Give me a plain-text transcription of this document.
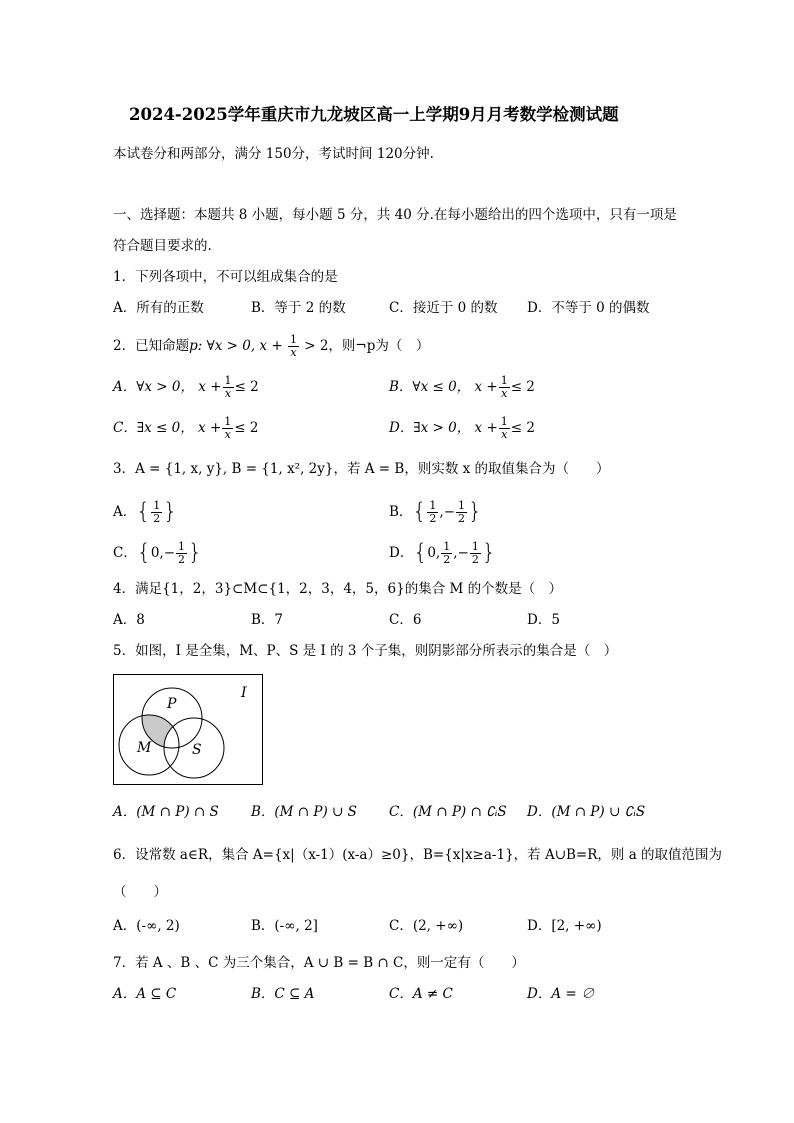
2024-2025学年重庆市九龙坡区高一上学期9月月考数学检测试题
本试卷分和两部分，满分 150分，考试时间 120分钟.
一、选择题：本题共 8 小题，每小题 5 分，共 40 分.在每小题给出的四个选项中，只有一项是
符合题目要求的.
1．下列各项中，不可以组成集合的是
A．所有的正数	B．等于 2 的数	C．接近于 0 的数 D．不等于 0 的偶数
2．已知命题p: ∀x > 0, $x + \frac{1}{x} > 2$，则¬p为（　）
A．∀x > 0， $x + \frac{1}{x} \le 2$	B．∀x ≤ 0， $x + \frac{1}{x} \le 2$
C．∃x ≤ 0， $x + \frac{1}{x} \le 2$	D．∃x > 0， $x + \frac{1}{x} \le 2$
3．A = {1, x, y}, B = {1, x², 2y}，若 A = B，则实数 x 的取值集合为（　　）
A．{ $\frac{1}{2}$ }	B．{ $\frac{1}{2}$ ,− $\frac{1}{2}$ }
C．{$0,- \frac{1}{2}$ }	D．{0, $\frac{1}{2}$ ,− $\frac{1}{2}$ }
4．满足{1，2，3}⊂M⊂{1，2，3，4，5，6}的集合 M 的个数是（　）
A．8	B．7	C．6	D．5
5．如图，I 是全集，M、P、S 是 I 的 3 个子集，则阴影部分所表示的集合是（　）
I
P
M	S
A．(M ∩ P) ∩ S B．(M ∩ P) ∪ S C．(M ∩ P) ∩ ∁ᵢS D．(M ∩ P) ∪ ∁ᵢS
6．设常数 a∈R，集合 A={x|（x-1）(x-a）≥0}，B={x|x≥a-1}，若 A∪B=R，则 a 的取值范围为
（　　）
A．(-∞, 2)	B．(-∞, 2]	C．(2, +∞)	D．[2, +∞)
7．若 A 、B 、C 为三个集合，A ∪ B = B ∩ C，则一定有（　　）
A．A ⊆ C	B．C ⊆ A	C．A ≠ C	D．A = ∅
